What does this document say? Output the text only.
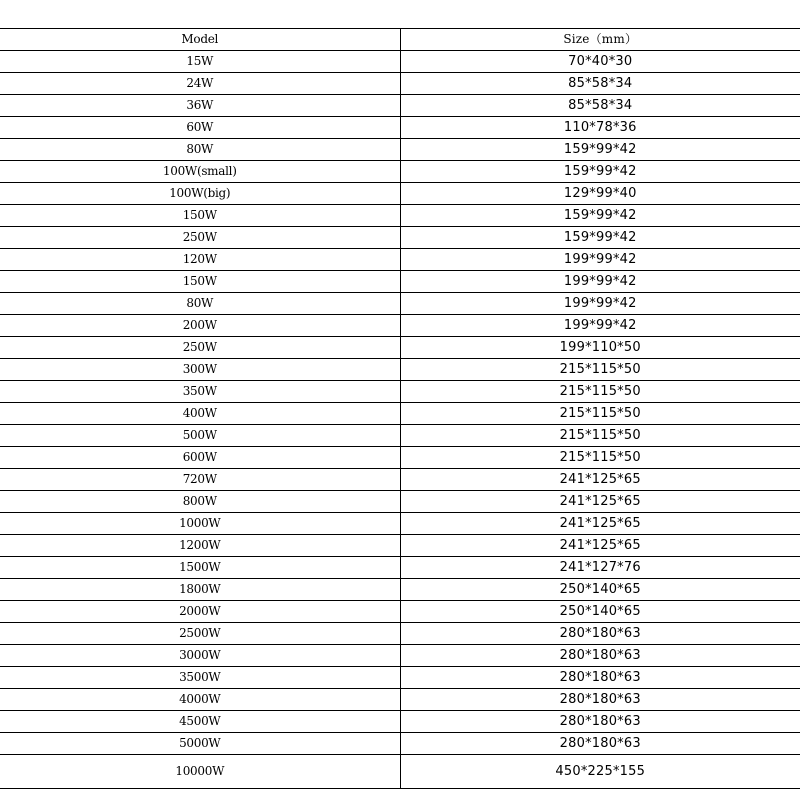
Model	Size（mm）
15W	70*40*30
24W	85*58*34
36W	85*58*34
60W	110*78*36
80W	159*99*42
100W(small)	159*99*42
100W(big)	129*99*40
150W	159*99*42
250W	159*99*42
120W	199*99*42
150W	199*99*42
80W	199*99*42
200W	199*99*42
250W	199*110*50
300W	215*115*50
350W	215*115*50
400W	215*115*50
500W	215*115*50
600W	215*115*50
720W	241*125*65
800W	241*125*65
1000W	241*125*65
1200W	241*125*65
1500W	241*127*76
1800W	250*140*65
2000W	250*140*65
2500W	280*180*63
3000W	280*180*63
3500W	280*180*63
4000W	280*180*63
4500W	280*180*63
5000W	280*180*63
10000W	450*225*155
